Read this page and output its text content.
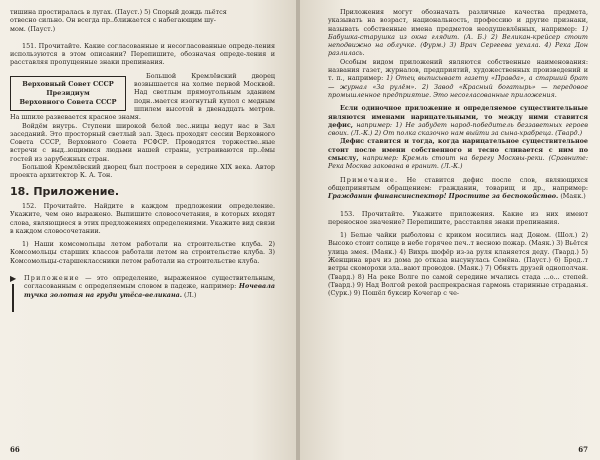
тишина простиралась в лугах. (Пауст.) 5) Спорый дождь льётся

отвесно сильно. Он всегда пр..ближается с набегающим шу-

мом. (Пауст.)

151. Прочитайте. Какие согласованные и несогласованные опреде-ления используются в этом описании? Перепишите, обозначая опреде-ления и расставляя пропущенные знаки препинания.

Верховный Совет СССР
Президиум
Верховного Совета СССР

Большой Кремлёвский дворец возвышается на холме первой Москвой. Над светлым прямоугольным зданием подн..мается изогнутый купол с медным шпилем высотой в двенадцать метров. На шпиле развевается красное знамя.

Войдём внутрь. Ступени широкой белой лес..ницы ведут нас в Зал заседаний. Это просторный светлый зал. Здесь проходят сессии Верховного Совета СССР, Верховного Совета РСФСР. Проводятся торжестве..ные встречи с выд..ющимися людьми нашей страны, устраиваются пр..ёмы гостей из зарубежных стран.

Большой Кремлёвский дворец был построен в середине XIX века. Автор проекта архитектор К. А. Тон.

18. Приложение.

152. Прочитайте. Найдите в каждом предложении определение. Укажите, чем оно выражено. Выпишите словосочетания, в которых входят слова, являющиеся в этих предложениях определениями. Укажите вид связи в каждом словосочетании.

1) Наши комсомольцы летом работали на строительстве клуба. 2) Комсомольцы старших классов работали летом на строительстве клуба. 3) Комсомольцы-старшеклассники летом работали на строительстве клуба.

▶ Приложение — это определение, выраженное существительным, согласованным с определяемым словом в падеже, например: Ночевала тучка золотая на груди утёса-великана. (Л.)

66

Приложения могут обозначать различные качества предмета, указывать на возраст, национальность, профессию и другие признаки, называть собственные имена предметов неодушевлённых, например: 1) Бабушка-старушка из окна глядит. (А. Б.) 2) Великан-крейсер стоит неподвижно на облучке. (Фурм.) 3) Врач Сергеева уехала. 4) Река Дон разлилась.

Особым видом приложений являются собственные наименования: названия газет, журналов, предприятий, художественных произведений и т. п., например: 1) Отец выписывает газету «Правда», а старший брат — журнал «За рулём». 2) Завод «Красный богатырь» — передовое промышленное предприятие. Это несогласованные приложения.

Если одиночное приложение и определяемое существительные являются именами нарицательными, то между ними ставится дефис, например: 1) Не забудет народ-победитель беззаветных героев своих. (Л.-К.) 2) От полка сказочно нам выйти за сына-храбреца. (Твард.)

Дефис ставится и тогда, когда нарицательное существительное стоит после имени собственного и тесно сливается с ним по смыслу, например: Кремль стоит на берегу Москвы-реки. (Сравните: Река Москва закована в гранит. (Л.-К.)

Примечание. Не ставится дефис после слов, являющихся общепринятым обращением: гражданин, товарищ и др., например: Гражданин финансинспектор! Простите за беспокойство. (Маяк.)

153. Прочитайте. Укажите приложения. Какие из них имеют переносное значение? Перепишите, расставляя знаки препинания.

1) Белые чайки рыболовы с криком носились над Доном. (Шол.) 2) Высоко стоит солнце в небе горячее печ..т весною пожар. (Маяк.) 3) Вьётся улица змея. (Маяк.) 4) Вихрь шофёр из-за руля кланяется деду. (Твард.) 5) Женщина врач из дома до отказа высунулась Семёна. (Пауст.) 6) Брод..т ветры скоморохи зла..вают проводов. (Маяк.) 7) Обнять друзей однополчан. (Твард.) 8) На реке Волге по самой середине мчались стада ...о... степей. (Твард.) 9) Над Волгой рекой распрекрасная гармонь старинные страданья. (Сурк.) 9) Пошёл буксир Кочегар с че-

67
